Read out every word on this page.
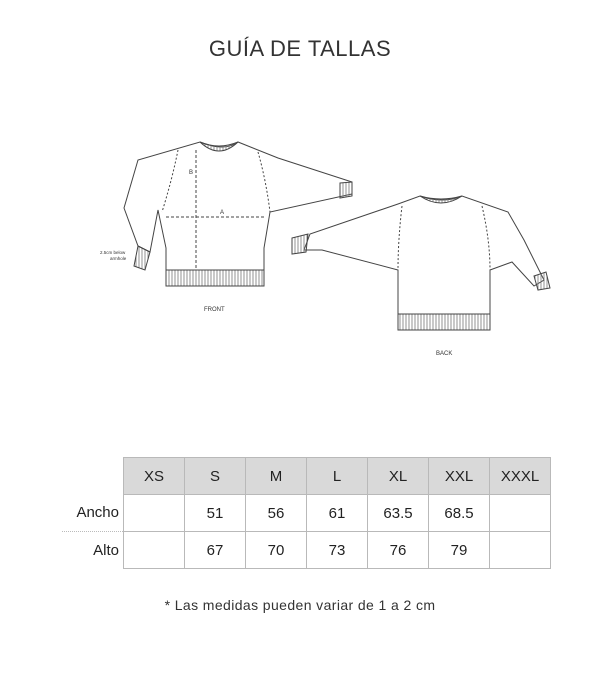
GUÍA DE TALLAS
A
B
2.5cm below
armhole
FRONT
BACK
	XS	S	M	L	XL	XXL	XXXL
Ancho		51	56	61	63.5	68.5	
Alto		67	70	73	76	79	
* Las medidas pueden variar de 1 a 2 cm
